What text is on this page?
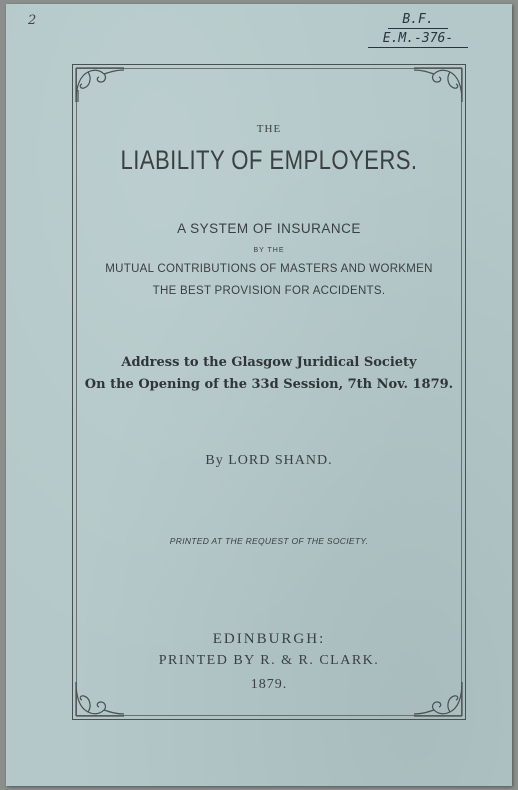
2	B.F.
E.M.-376-
THE
LIABILITY OF EMPLOYERS.
A SYSTEM OF INSURANCE
BY THE
MUTUAL CONTRIBUTIONS OF MASTERS AND WORKMEN
THE BEST PROVISION FOR ACCIDENTS.
Address to the Glasgow Juridical Society
On the Opening of the 33d Session, 7th Nov. 1879.
By LORD SHAND.
PRINTED AT THE REQUEST OF THE SOCIETY.
EDINBURGH:
PRINTED BY R. & R. CLARK.
1879.
